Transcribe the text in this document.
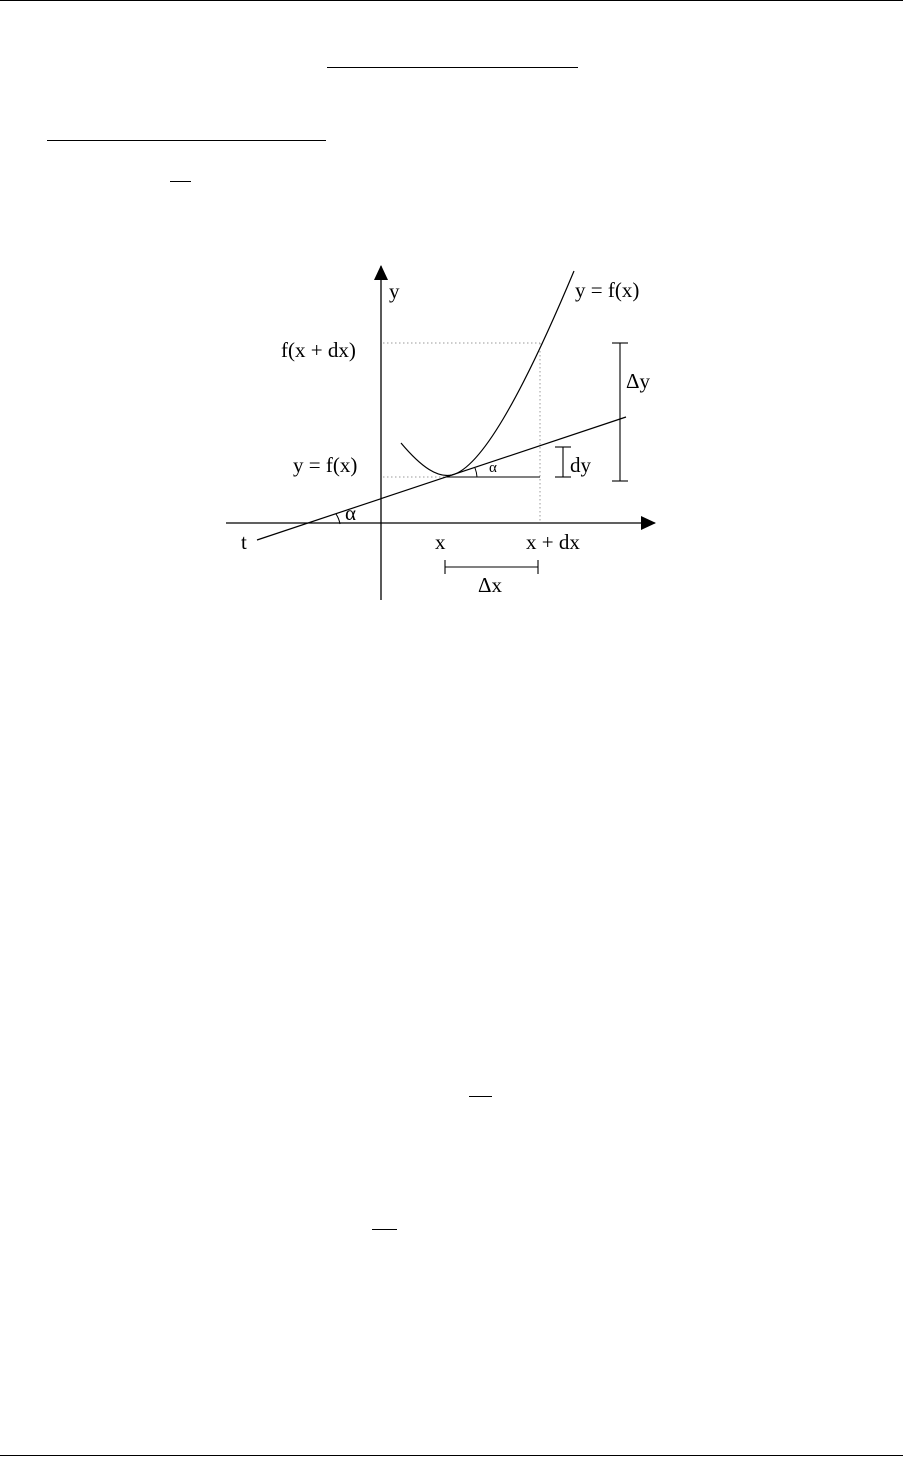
y	y = f(x)
f(x + dx)
Δy
dy
α
y = f(x)
α
t	x	x + dx
Δx
